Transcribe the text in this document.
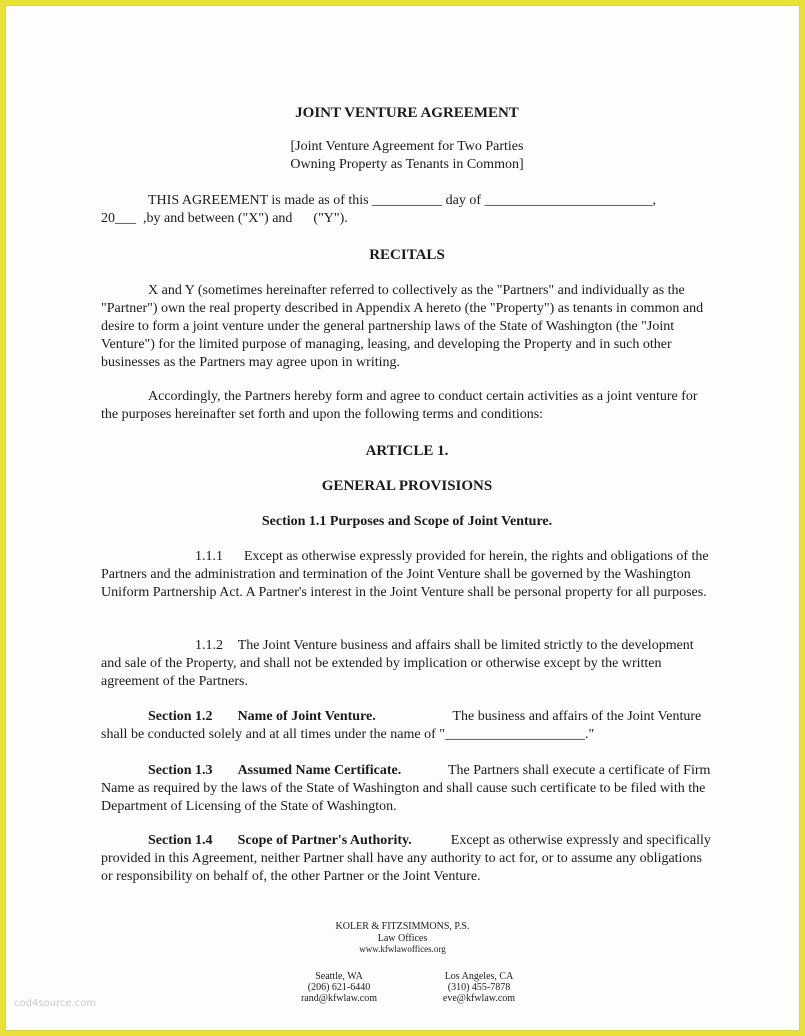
JOINT VENTURE AGREEMENT
[Joint Venture Agreement for Two Parties
Owning Property as Tenants in Common]
THIS AGREEMENT is made as of this __________ day of ________________________,
20___  ,by and between ("X") and      ("Y").
RECITALS
X and Y (sometimes hereinafter referred to collectively as the "Partners" and individually as the "Partner") own the real property described in Appendix A hereto (the "Property") as tenants in common and desire to form a joint venture under the general partnership laws of the State of Washington (the "Joint Venture") for the limited purpose of managing, leasing, and developing the Property and in such other businesses as the Partners may agree upon in writing.
Accordingly, the Partners hereby form and agree to conduct certain activities as a joint venture for the purposes hereinafter set forth and upon the following terms and conditions:
ARTICLE 1.
GENERAL PROVISIONS
Section 1.1 Purposes and Scope of Joint Venture.
1.1.1 Except as otherwise expressly provided for herein, the rights and obligations of the Partners and the administration and termination of the Joint Venture shall be governed by the Washington Uniform Partnership Act. A Partner's interest in the Joint Venture shall be personal property for all purposes.
1.1.2 The Joint Venture business and affairs shall be limited strictly to the development and sale of the Property, and shall not be extended by implication or otherwise except by the written agreement of the Partners.
Section 1.2 Name of Joint Venture.	The business and affairs of the Joint Venture shall be conducted solely and at all times under the name of "____________________."
Section 1.3 Assumed Name Certificate.	The Partners shall execute a certificate of Firm Name as required by the laws of the State of Washington and shall cause such certificate to be filed with the Department of Licensing of the State of Washington.
Section 1.4 Scope of Partner's Authority.	Except as otherwise expressly and specifically provided in this Agreement, neither Partner shall have any authority to act for, or to assume any obligations or responsibility on behalf of, the other Partner or the Joint Venture.
KOLER & FITZSIMMONS, P.S.
Law Offices
www.kfwlawoffices.org
Seattle, WA
(206) 621-6440
rand@kfwlaw.com
Los Angeles, CA
(310) 455-7878
eve@kfwlaw.com
cod4source.com
